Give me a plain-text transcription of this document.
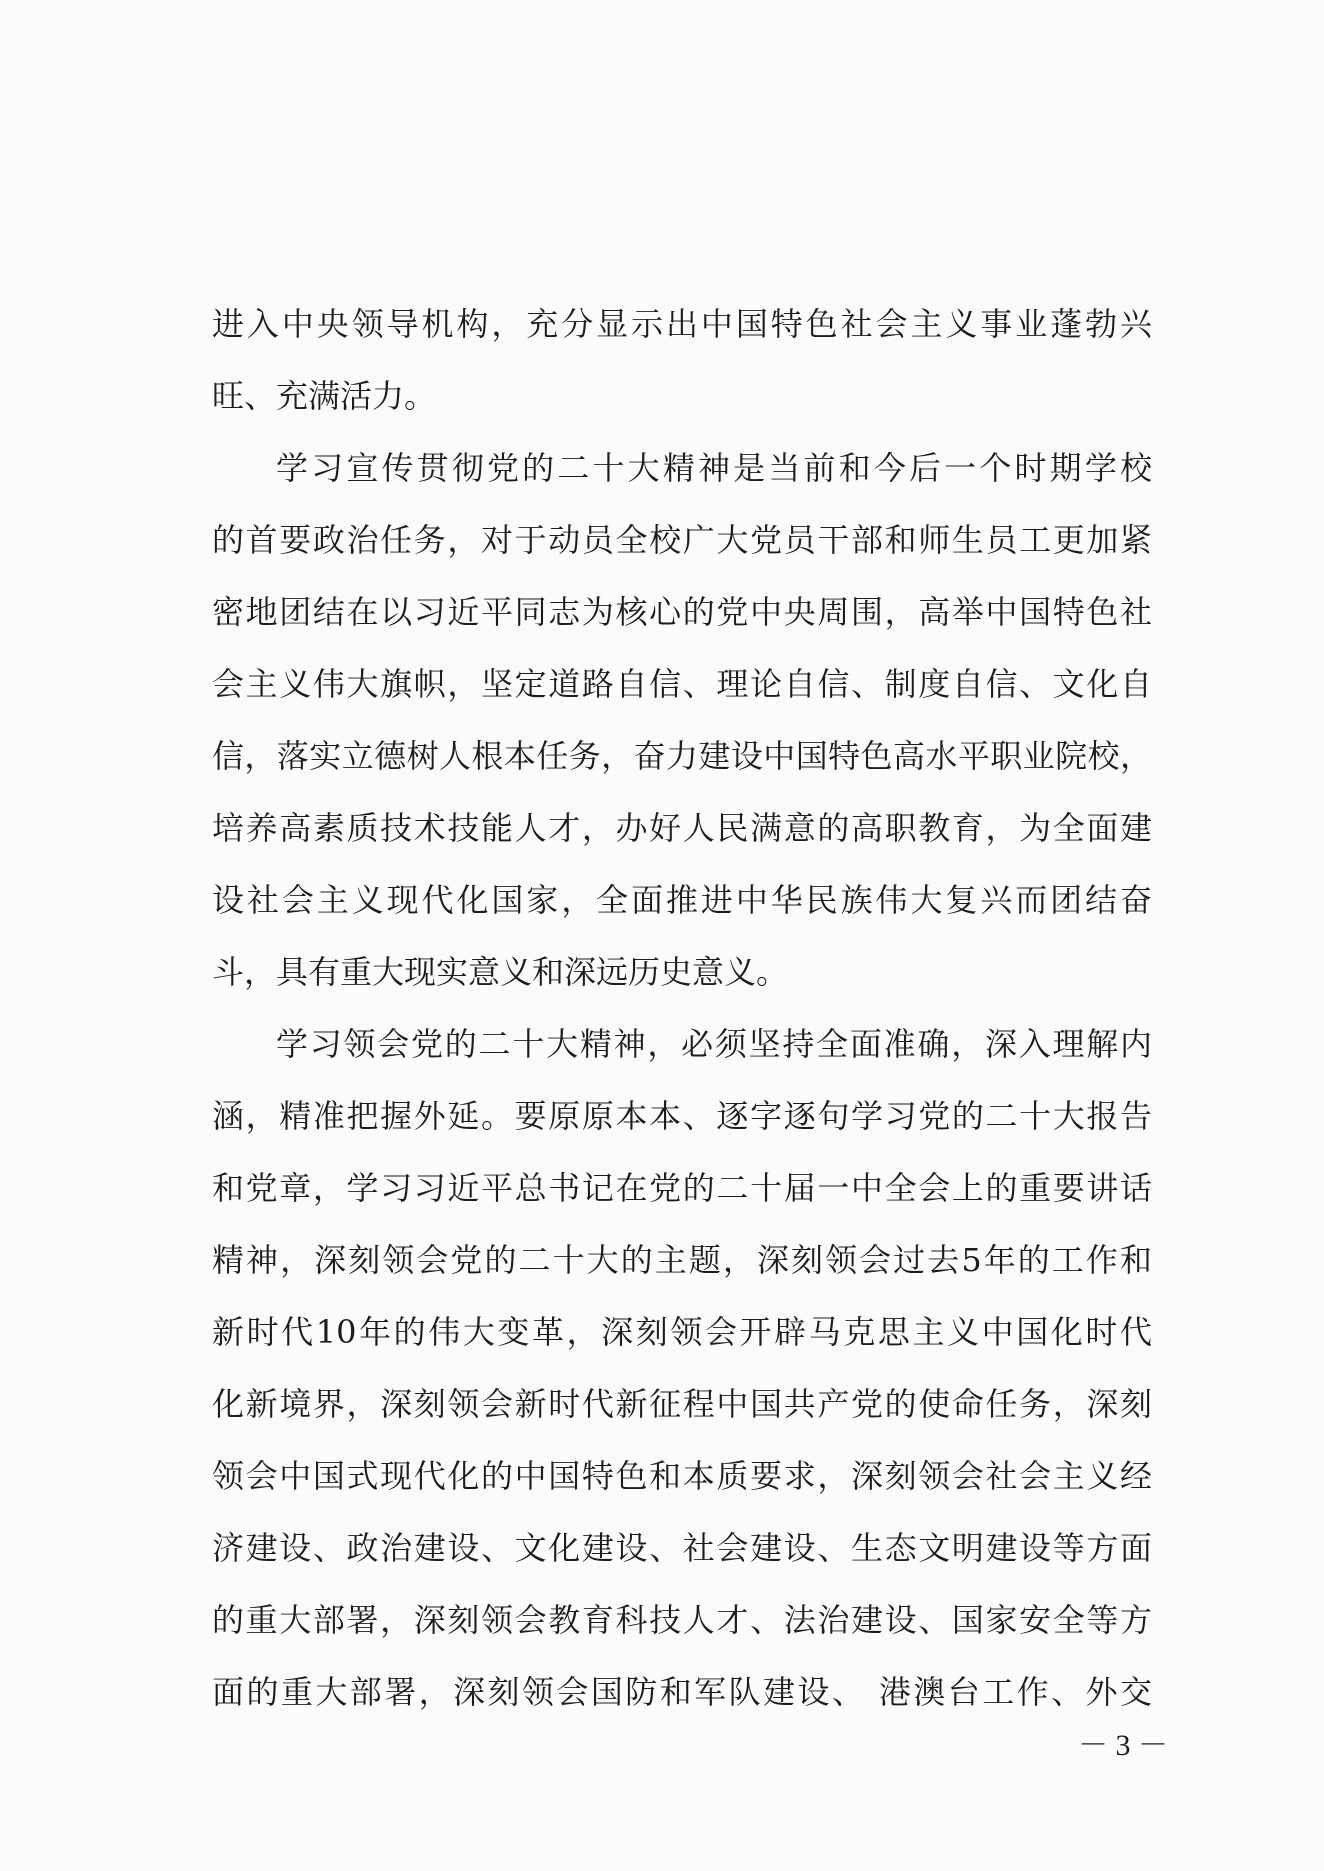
进入中央领导机构，充分显示出中国特色社会主义事业蓬勃兴
旺、充满活力。
学习宣传贯彻党的二十大精神是当前和今后一个时期学校
的首要政治任务，对于动员全校广大党员干部和师生员工更加紧
密地团结在以习近平同志为核心的党中央周围，高举中国特色社
会主义伟大旗帜，坚定道路自信、理论自信、制度自信、文化自
信，落实立德树人根本任务，奋力建设中国特色高水平职业院校，
培养高素质技术技能人才，办好人民满意的高职教育，为全面建
设社会主义现代化国家，全面推进中华民族伟大复兴而团结奋
斗，具有重大现实意义和深远历史意义。
学习领会党的二十大精神，必须坚持全面准确，深入理解内
涵，精准把握外延。要原原本本、逐字逐句学习党的二十大报告
和党章，学习习近平总书记在党的二十届一中全会上的重要讲话
精神，深刻领会党的二十大的主题，深刻领会过去5年的工作和
新时代10年的伟大变革，深刻领会开辟马克思主义中国化时代
化新境界，深刻领会新时代新征程中国共产党的使命任务，深刻
领会中国式现代化的中国特色和本质要求，深刻领会社会主义经
济建设、政治建设、文化建设、社会建设、生态文明建设等方面
的重大部署，深刻领会教育科技人才、法治建设、国家安全等方
面的重大部署，深刻领会国防和军队建设、 港澳台工作、外交
－ 3 －
